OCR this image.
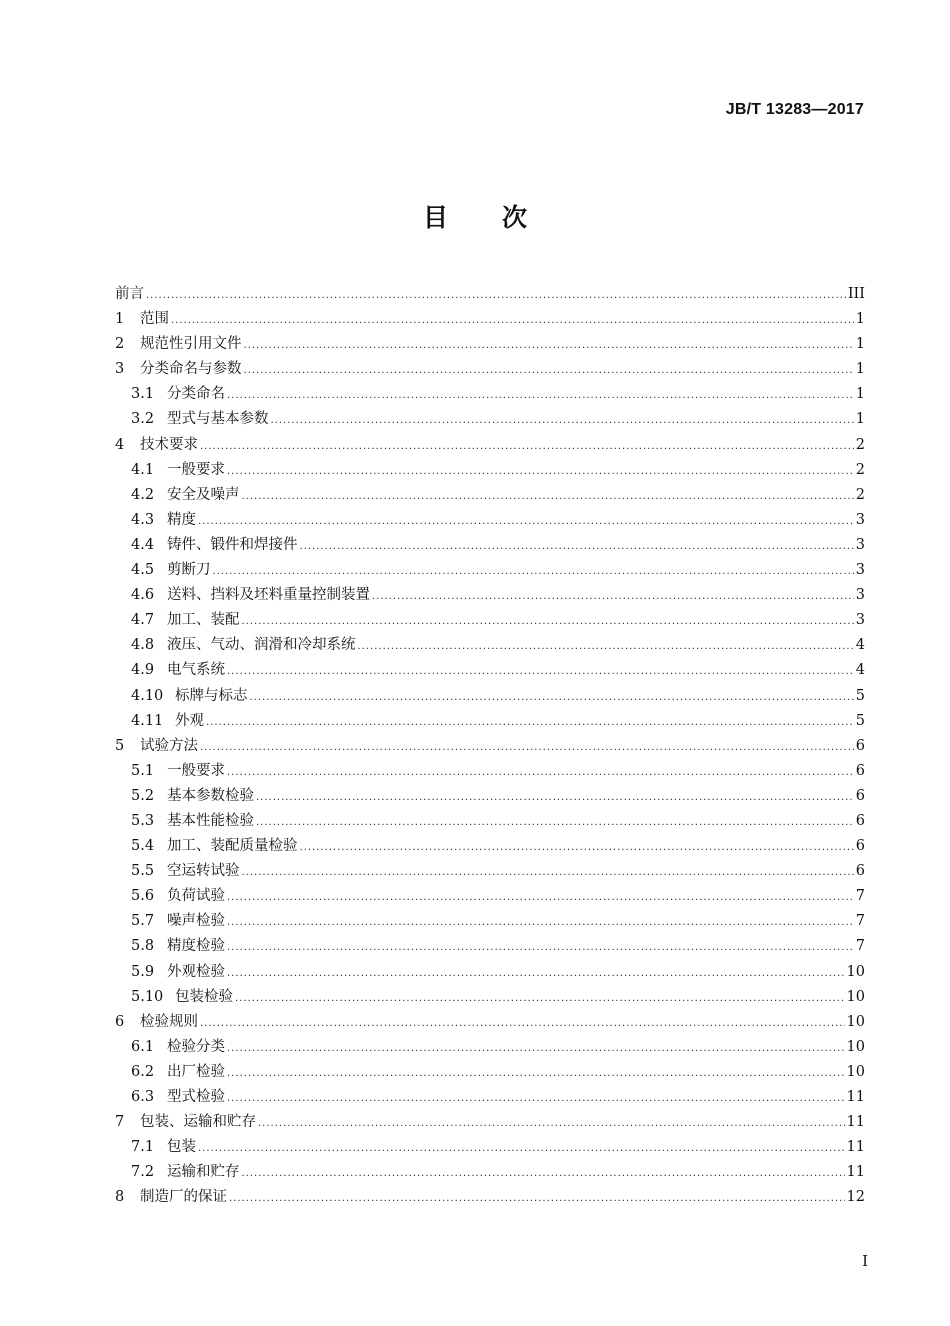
JB/T 13283—2017
目 次
前言 .....	III
1	范围 .....	1
2	规范性引用文件 .....	1
3	分类命名与参数 .....	1
3.1 分类命名 .....	1
3.2 型式与基本参数 .....	1
4	技术要求 .....	2
4.1 一般要求 .....	2
4.2 安全及噪声 .....	2
4.3 精度 .....	3
4.4 铸件、锻件和焊接件 .....	3
4.5 剪断刀 .....	3
4.6 送料、挡料及坯料重量控制装置 .....	3
4.7 加工、装配 .....	3
4.8 液压、气动、润滑和冷却系统 .....	4
4.9 电气系统 .....	4
4.10 标牌与标志 .....	5
4.11 外观 .....	5
5	试验方法 .....	6
5.1 一般要求 .....	6
5.2 基本参数检验 .....	6
5.3 基本性能检验 .....	6
5.4 加工、装配质量检验 .....	6
5.5 空运转试验 .....	6
5.6 负荷试验 .....	7
5.7 噪声检验 .....	7
5.8 精度检验 .....	7
5.9 外观检验 .....	10
5.10 包装检验 .....	10
6	检验规则 .....	10
6.1 检验分类 .....	10
6.2 出厂检验 .....	10
6.3 型式检验 .....	11
7	包装、运输和贮存 .....	11
7.1 包装 .....	11
7.2 运输和贮存 .....	11
8	制造厂的保证 .....	12
I
